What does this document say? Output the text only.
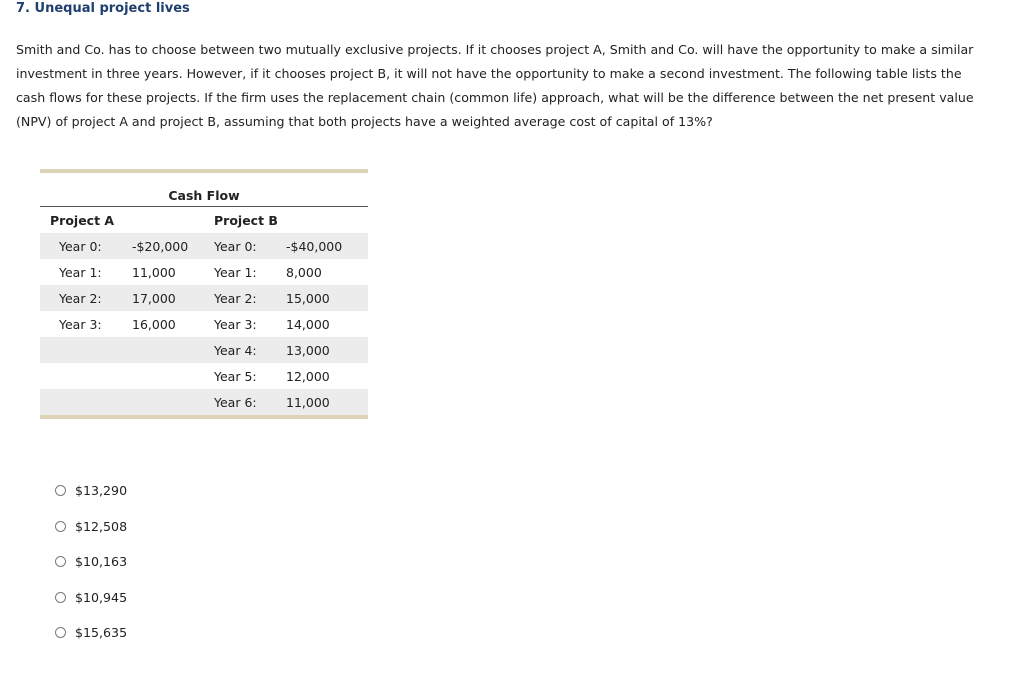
7. Unequal project lives

Smith and Co. has to choose between two mutually exclusive projects. If it chooses project A, Smith and Co. will have the opportunity to make a similar investment in three years. However, if it chooses project B, it will not have the opportunity to make a second investment. The following table lists the cash flows for these projects. If the firm uses the replacement chain (common life) approach, what will be the difference between the net present value (NPV) of project A and project B, assuming that both projects have a weighted average cost of capital of 13%?

Cash Flow			
Project A		Project B	
Year 0:	-$20,000	Year 0:	-$40,000
Year 1:	11,000	Year 1:	8,000
Year 2:	17,000	Year 2:	15,000
Year 3:	16,000	Year 3:	14,000
		Year 4:	13,000
		Year 5:	12,000
		Year 6:	11,000
$13,290
$12,508
$10,163
$10,945
$15,635
